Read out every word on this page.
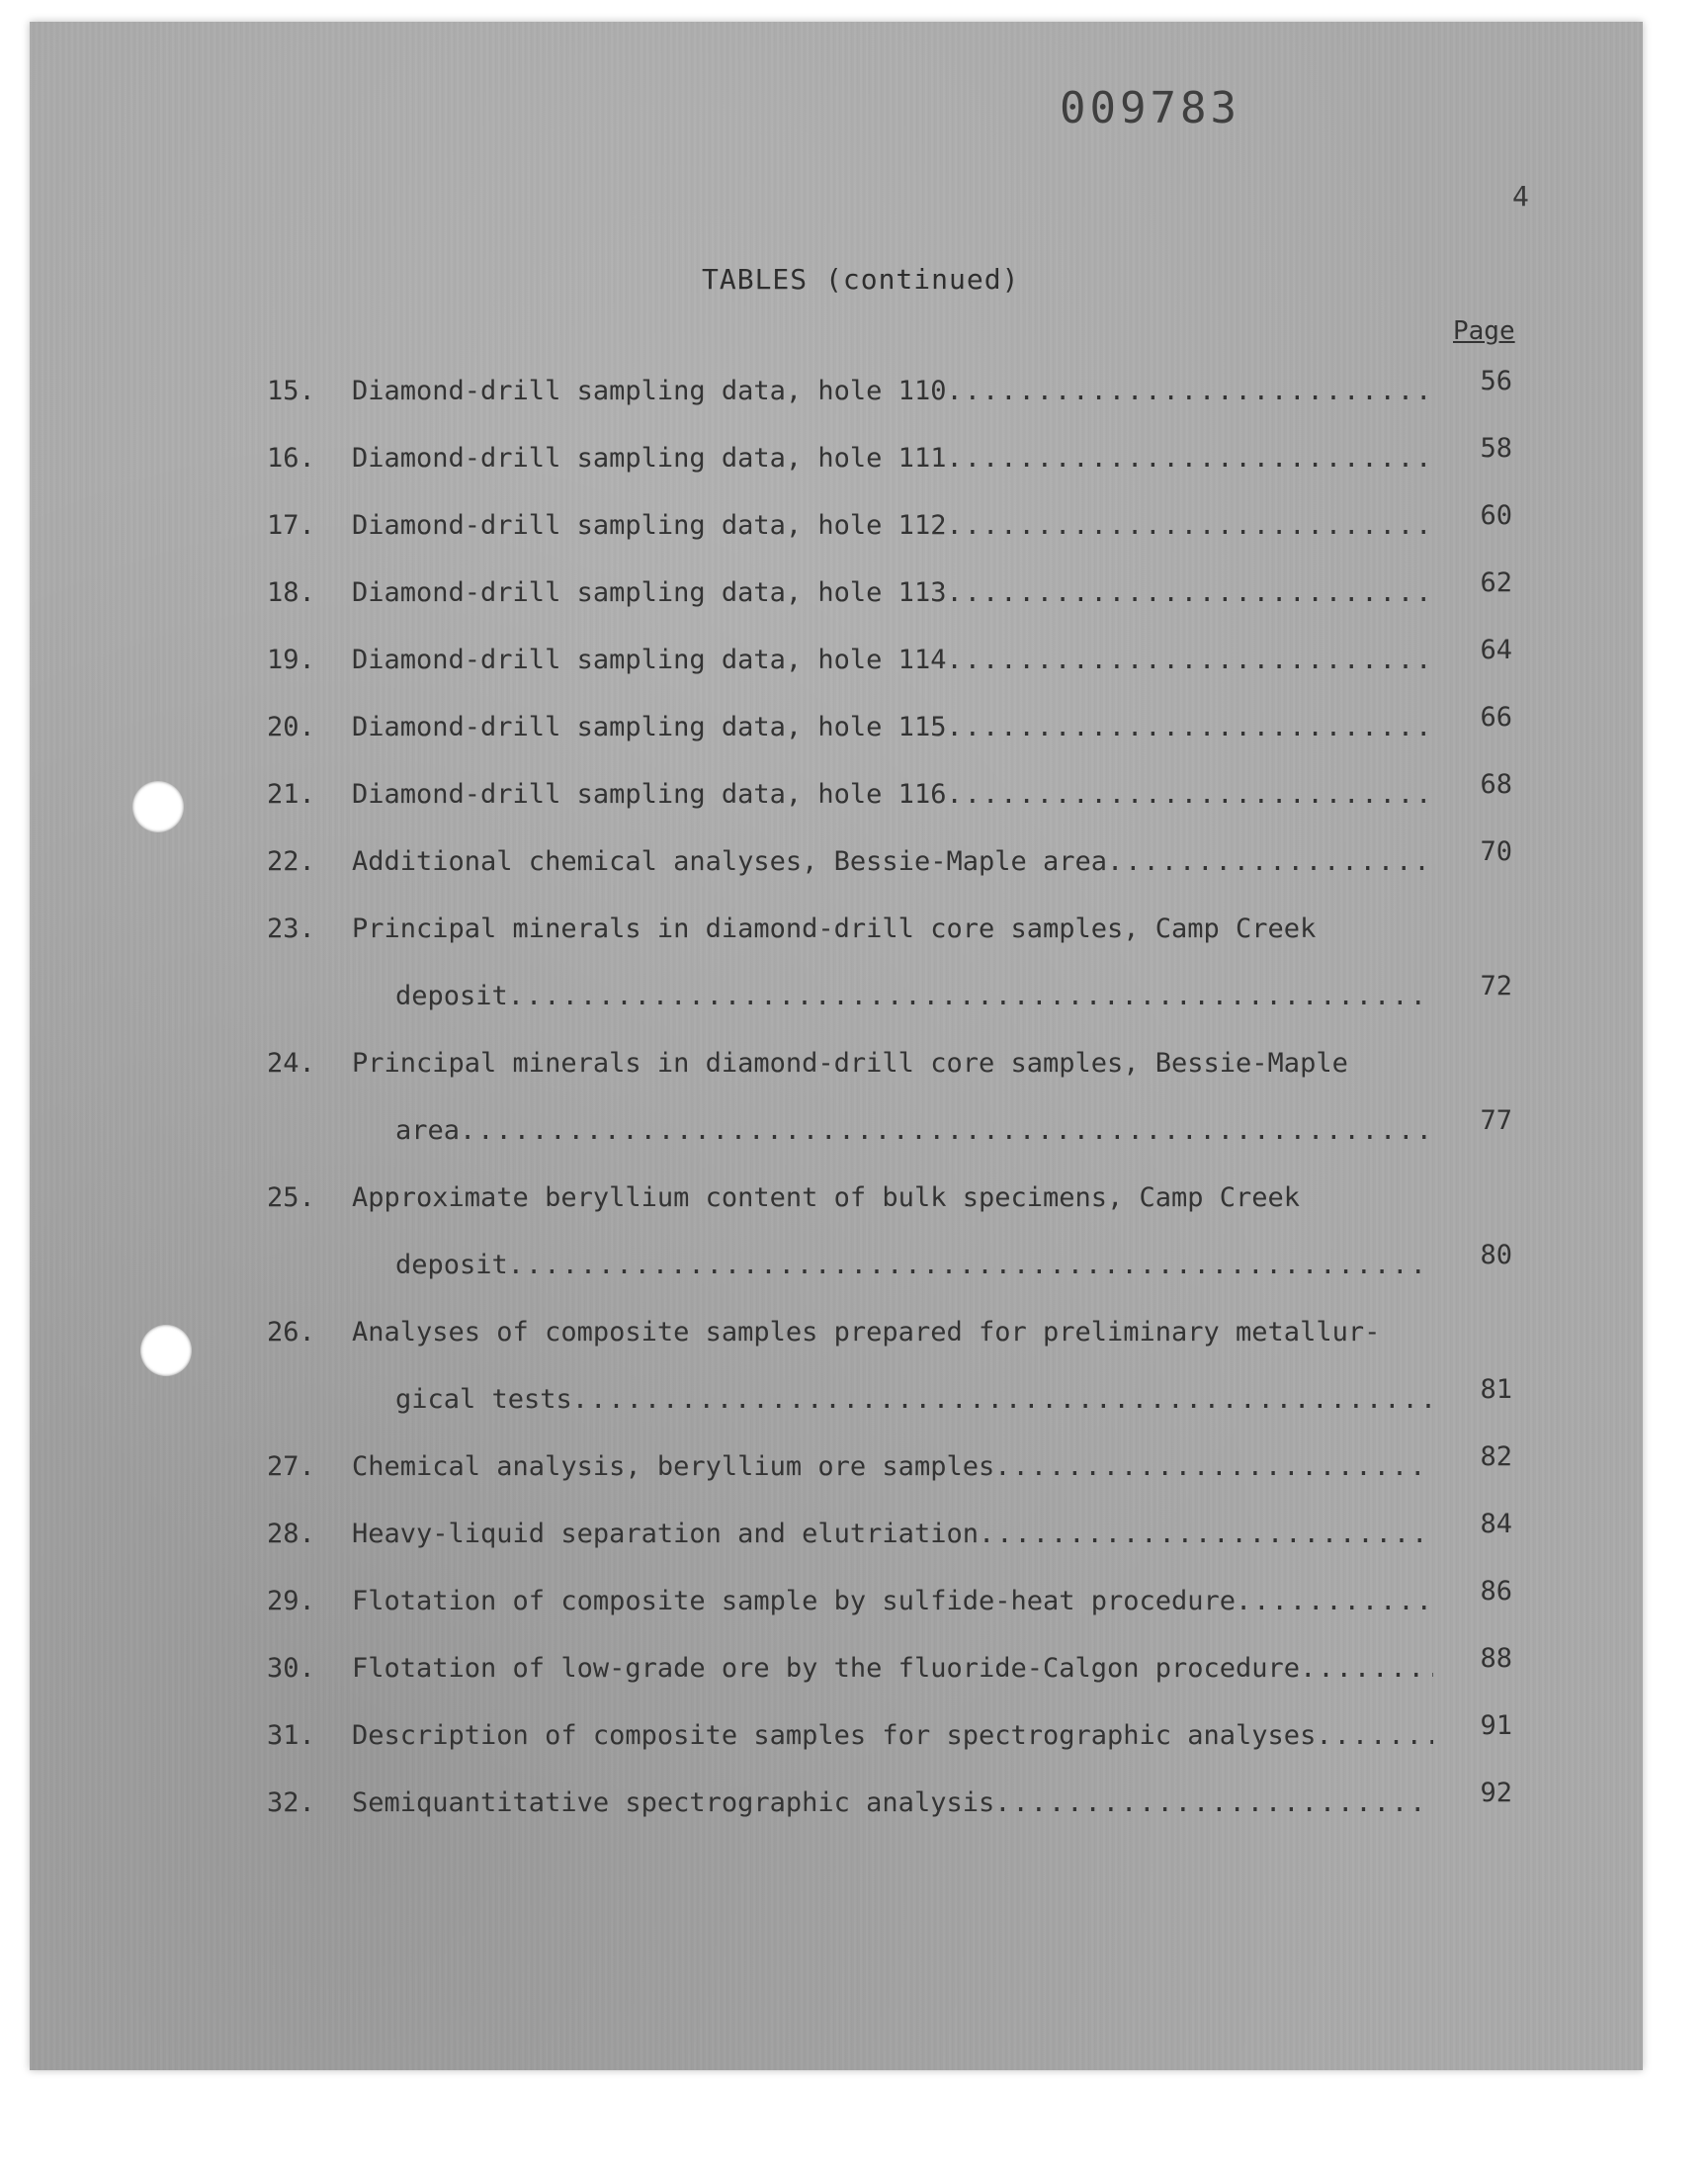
009783
4
TABLES (continued)
Page
15.	Diamond-drill sampling data, hole 110 .....	56
16.	Diamond-drill sampling data, hole 111 .....	58
17.	Diamond-drill sampling data, hole 112 .....	60
18.	Diamond-drill sampling data, hole 113 .....	62
19.	Diamond-drill sampling data, hole 114 .....	64
20.	Diamond-drill sampling data, hole 115 .....	66
21.	Diamond-drill sampling data, hole 116 .....	68
22.	Additional chemical analyses, Bessie-Maple area .....	70
23.	Principal minerals in diamond-drill core samples, Camp Creek
deposit .....	72
24.	Principal minerals in diamond-drill core samples, Bessie-Maple
area .....	77
25.	Approximate beryllium content of bulk specimens, Camp Creek
deposit .....	80
26.	Analyses of composite samples prepared for preliminary metallur-
gical tests .....	81
27.	Chemical analysis, beryllium ore samples .....	82
28.	Heavy-liquid separation and elutriation .....	84
29.	Flotation of composite sample by sulfide-heat procedure .....	86
30.	Flotation of low-grade ore by the fluoride-Calgon procedure .....	88
31.	Description of composite samples for spectrographic analyses .....	91
32.	Semiquantitative spectrographic analysis .....	92
